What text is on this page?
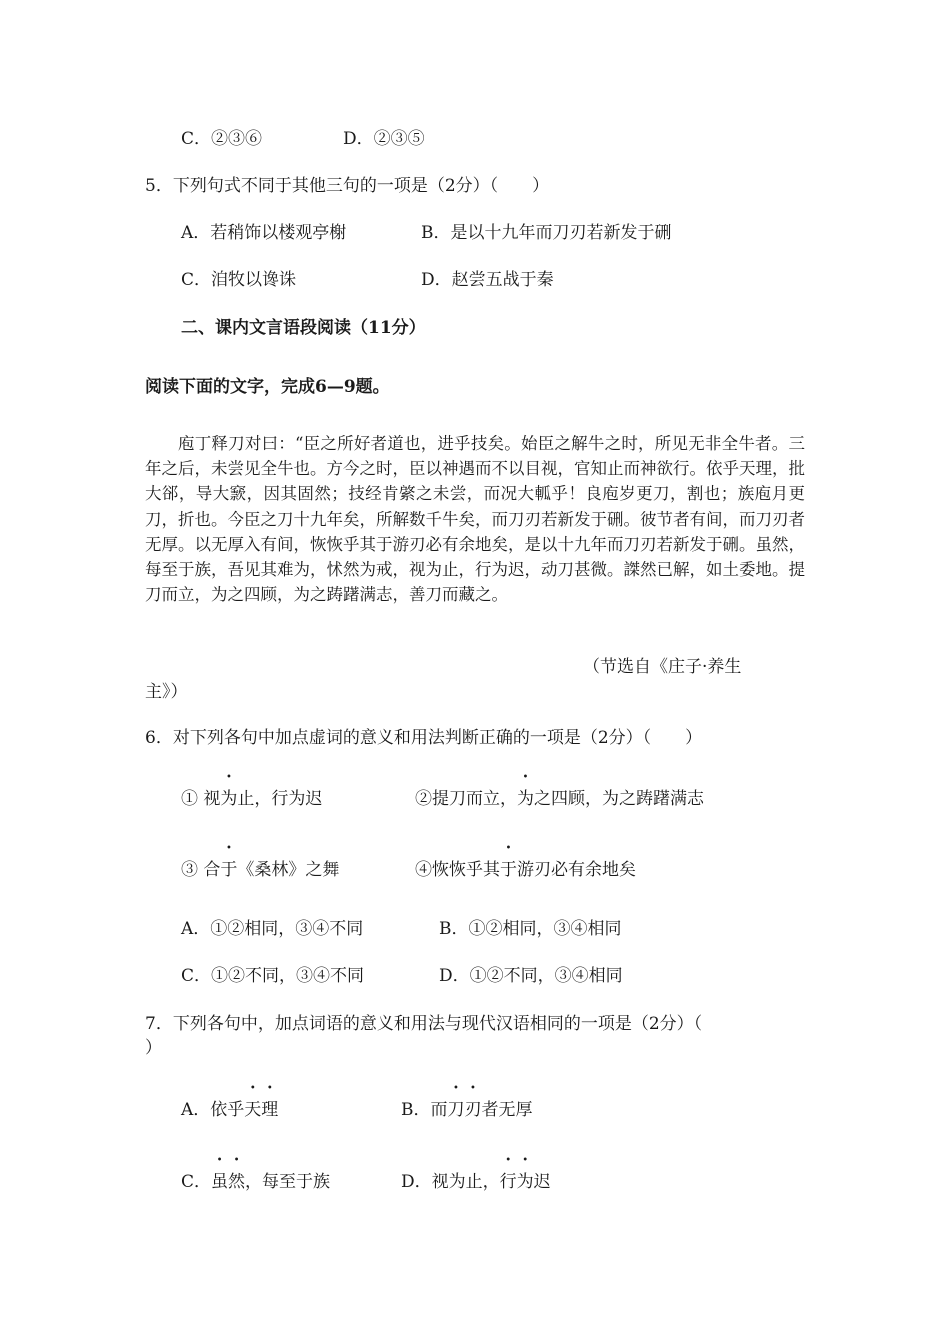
C．②③⑥	D．②③⑤
5．下列句式不同于其他三句的一项是（2分）（　　）
A．若稍饰以楼观亭榭	B．是以十九年而刀刃若新发于硎
C．洎牧以谗诛	D．赵尝五战于秦
二、课内文言语段阅读（11分）
阅读下面的文字，完成6—9题。
庖丁释刀对曰：“臣之所好者道也，进乎技矣。始臣之解牛之时，所见无非全牛者。三年之后，未尝见全牛也。方今之时，臣以神遇而不以目视，官知止而神欲行。依乎天理，批大郤，导大窾，因其固然；技经肯綮之未尝，而况大軱乎！良庖岁更刀，割也；族庖月更刀，折也。今臣之刀十九年矣，所解数千牛矣，而刀刃若新发于硎。彼节者有间，而刀刃者无厚。以无厚入有间，恢恢乎其于游刃必有余地矣，是以十九年而刀刃若新发于硎。虽然，每至于族，吾见其难为，怵然为戒，视为止，行为迟，动刀甚微。謋然已解，如土委地。提刀而立，为之四顾，为之踌躇满志，善刀而藏之。
（节选自《庄子·养生
主》）
6．对下列各句中加点虚词的意义和用法判断正确的一项是（2分）（　　）
① 视为止，行为迟	②提刀而立，为之四顾，为之踌躇满志
③ 合于《桑林》之舞	④恢恢乎其于游刃必有余地矣
A．①②相同，③④不同	B．①②相同，③④相同
C．①②不同，③④不同	D．①②不同，③④相同
7．下列各句中，加点词语的意义和用法与现代汉语相同的一项是（2分）（
）
A．依乎天理	B．而刀刃者无厚
C．虽然，每至于族	D．视为止，行为迟
